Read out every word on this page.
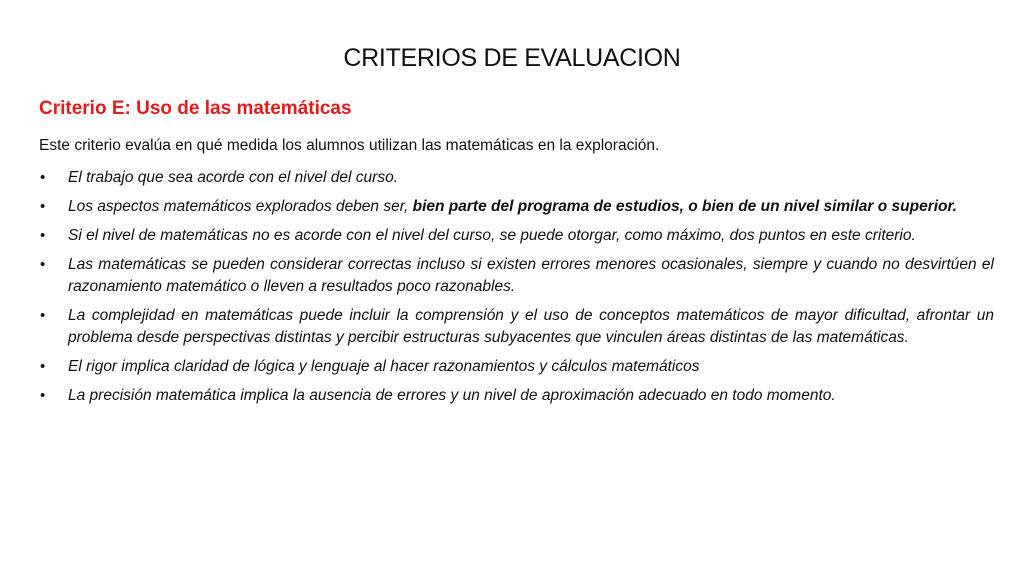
CRITERIOS DE EVALUACION
Criterio E: Uso de las matemáticas
Este criterio evalúa en qué medida los alumnos utilizan las matemáticas en la exploración.
• El trabajo que sea acorde con el nivel del curso.
• Los aspectos matemáticos explorados deben ser, bien parte del programa de estudios, o bien de un nivel similar o superior.
• Si el nivel de matemáticas no es acorde con el nivel del curso, se puede otorgar, como máximo, dos puntos en este criterio.
• Las matemáticas se pueden considerar correctas incluso si existen errores menores ocasionales, siempre y cuando no desvirtúen el razonamiento matemático o lleven a resultados poco razonables.
• La complejidad en matemáticas puede incluir la comprensión y el uso de conceptos matemáticos de mayor dificultad, afrontar un problema desde perspectivas distintas y percibir estructuras subyacentes que vinculen áreas distintas de las matemáticas.
• El rigor implica claridad de lógica y lenguaje al hacer razonamientos y cálculos matemáticos
• La precisión matemática implica la ausencia de errores y un nivel de aproximación adecuado en todo momento.
